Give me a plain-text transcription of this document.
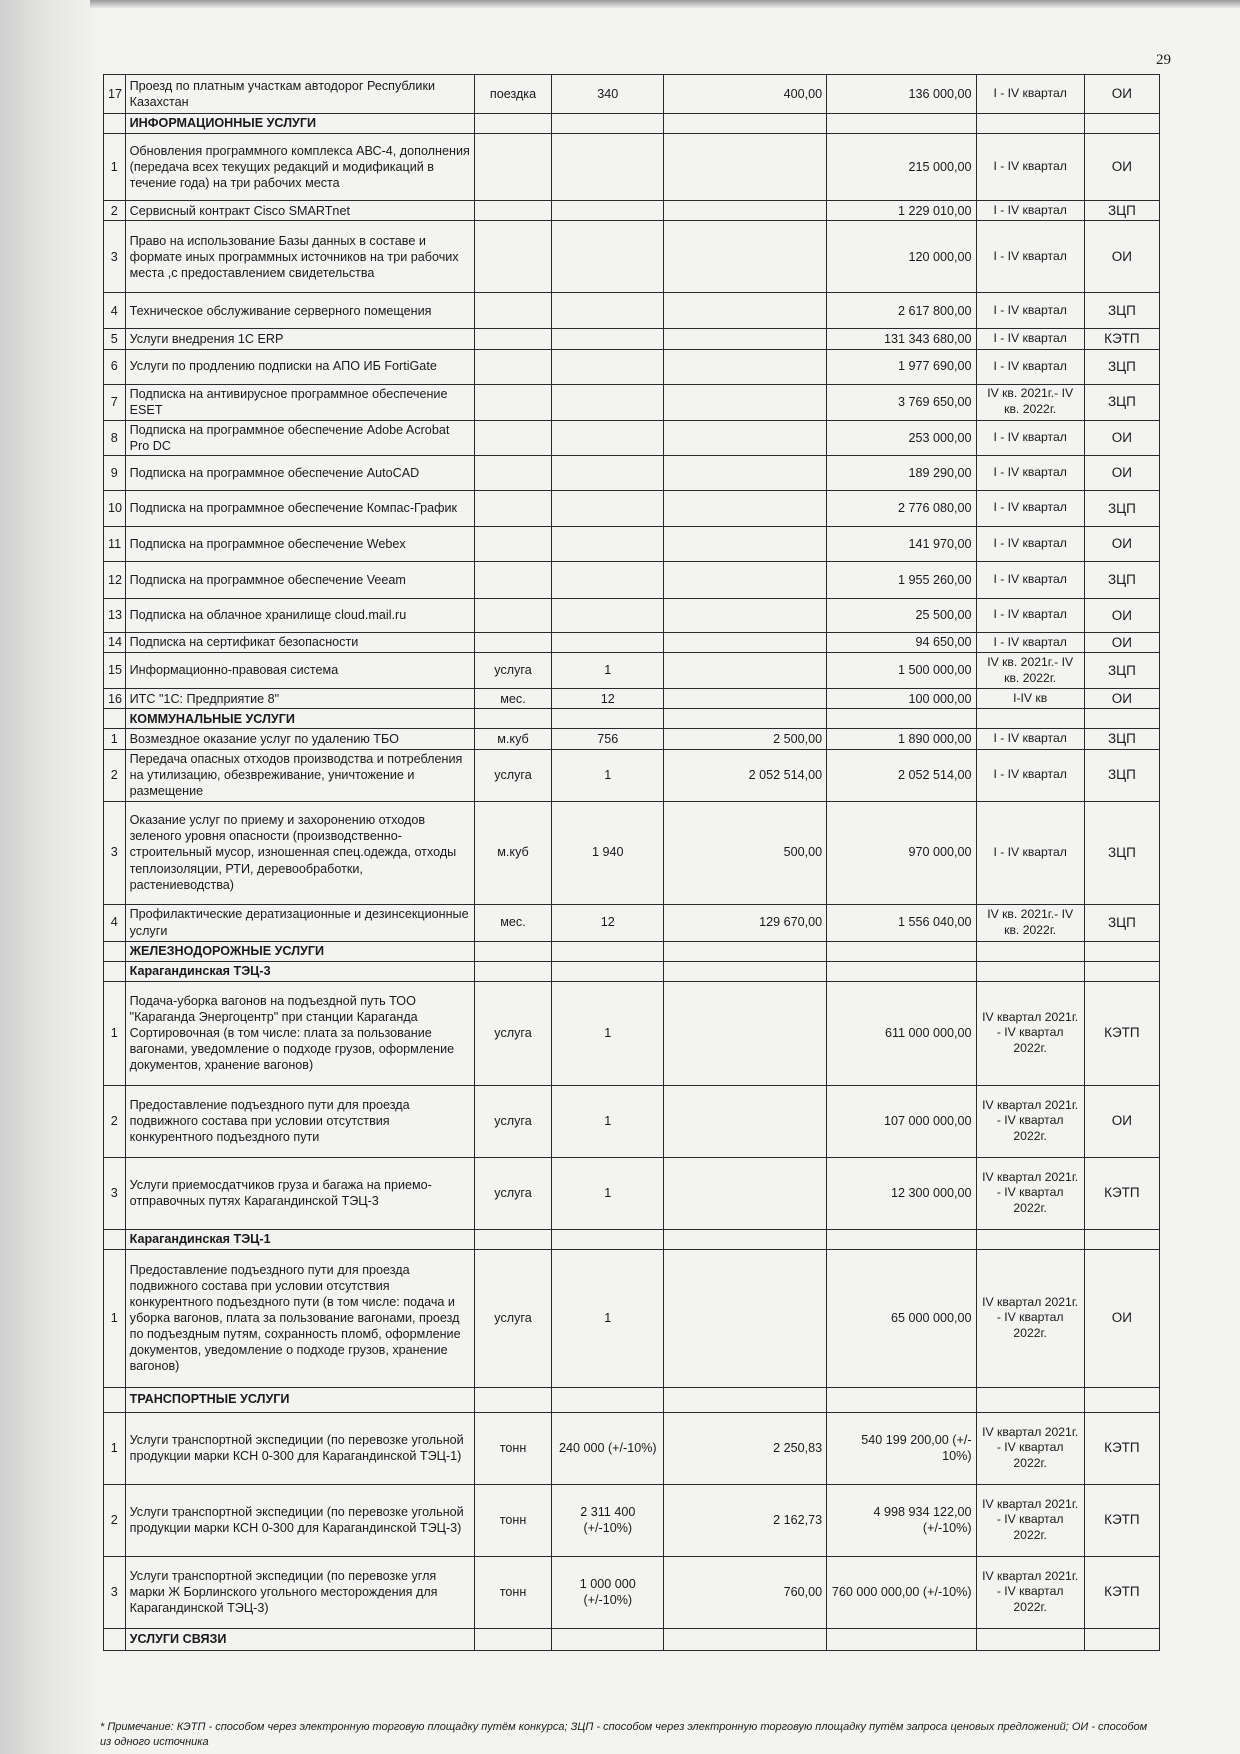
29
17	Проезд по платным участкам автодорог Республики Казахстан	поездка	340	400,00	136 000,00	I - IV квартал	ОИ
	ИНФОРМАЦИОННЫЕ УСЛУГИ						
1	Обновления программного комплекса АВС-4, дополнения (передача всех текущих редакций и модификаций в течение года) на три рабочих места				215 000,00	I - IV квартал	ОИ
2	Сервисный контракт Cisco SMARTnet				1 229 010,00	I - IV квартал	ЗЦП
3	Право на использование Базы данных в составе и формате иных программных источников на три рабочих места ,с предоставлением свидетельства				120 000,00	I - IV квартал	ОИ
4	Техническое обслуживание серверного помещения				2 617 800,00	I - IV квартал	ЗЦП
5	Услуги внедрения 1С ERP				131 343 680,00	I - IV квартал	КЭТП
6	Услуги по продлению подписки на АПО ИБ FortiGate				1 977 690,00	I - IV квартал	ЗЦП
7	Подписка на антивирусное программное обеспечение ESET				3 769 650,00	IV кв. 2021г.- IV кв. 2022г.	ЗЦП
8	Подписка на программное обеспечение Adobe Acrobat Pro DC				253 000,00	I - IV квартал	ОИ
9	Подписка на программное обеспечение AutoCAD				189 290,00	I - IV квартал	ОИ
10	Подписка на программное обеспечение Компас-График				2 776 080,00	I - IV квартал	ЗЦП
11	Подписка на программное обеспечение Webex				141 970,00	I - IV квартал	ОИ
12	Подписка на программное обеспечение Veeam				1 955 260,00	I - IV квартал	ЗЦП
13	Подписка на облачное хранилище cloud.mail.ru				25 500,00	I - IV квартал	ОИ
14	Подписка на сертификат безопасности				94 650,00	I - IV квартал	ОИ
15	Информационно-правовая система	услуга	1		1 500 000,00	IV кв. 2021г.- IV кв. 2022г.	ЗЦП
16	ИТС "1С: Предприятие 8"	мес.	12		100 000,00	I-IV кв	ОИ
	КОММУНАЛЬНЫЕ УСЛУГИ						
1	Возмездное оказание услуг по удалению ТБО	м.куб	756	2 500,00	1 890 000,00	I - IV квартал	ЗЦП
2	Передача опасных отходов производства и потребления на утилизацию, обезвреживание, уничтожение и размещение	услуга	1	2 052 514,00	2 052 514,00	I - IV квартал	ЗЦП
3	Оказание услуг по приему и захоронению отходов зеленого уровня опасности (производственно-строительный мусор, изношенная спец.одежда, отходы теплоизоляции, РТИ, деревообработки, растениеводства)	м.куб	1 940	500,00	970 000,00	I - IV квартал	ЗЦП
4	Профилактические дератизационные и дезинсекционные услуги	мес.	12	129 670,00	1 556 040,00	IV кв. 2021г.- IV кв. 2022г.	ЗЦП
	ЖЕЛЕЗНОДОРОЖНЫЕ УСЛУГИ						
	Карагандинская ТЭЦ-3						
1	Подача-уборка вагонов на подъездной путь ТОО "Караганда Энергоцентр" при станции Караганда Сортировочная (в том числе: плата за пользование вагонами, уведомление о подходе грузов, оформление документов, хранение вагонов)	услуга	1		611 000 000,00	IV квартал 2021г. - IV квартал 2022г.	КЭТП
2	Предоставление подъездного пути для проезда подвижного состава при условии отсутствия конкурентного подъездного пути	услуга	1		107 000 000,00	IV квартал 2021г. - IV квартал 2022г.	ОИ
3	Услуги приемосдатчиков груза и багажа на приемо-отправочных путях Карагандинской ТЭЦ-3	услуга	1		12 300 000,00	IV квартал 2021г. - IV квартал 2022г.	КЭТП
	Карагандинская ТЭЦ-1						
1	Предоставление подъездного пути для проезда подвижного состава при условии отсутствия конкурентного подъездного пути (в том числе: подача и уборка вагонов, плата за пользование вагонами, проезд по подъездным путям, сохранность пломб, оформление документов, уведомление о подходе грузов, хранение вагонов)	услуга	1		65 000 000,00	IV квартал 2021г. - IV квартал 2022г.	ОИ
	ТРАНСПОРТНЫЕ УСЛУГИ						
1	Услуги транспортной экспедиции (по перевозке угольной продукции марки КСН 0-300 для Карагандинской ТЭЦ-1)	тонн	240 000 (+/-10%)	2 250,83	540 199 200,00 (+/- 10%)	IV квартал 2021г. - IV квартал 2022г.	КЭТП
2	Услуги транспортной экспедиции (по перевозке угольной продукции марки КСН 0-300 для Карагандинской ТЭЦ-3)	тонн	2 311 400 (+/-10%)	2 162,73	4 998 934 122,00 (+/-10%)	IV квартал 2021г. - IV квартал 2022г.	КЭТП
3	Услуги транспортной экспедиции (по перевозке угля марки Ж Борлинского угольного месторождения для Карагандинской ТЭЦ-3)	тонн	1 000 000 (+/-10%)	760,00	760 000 000,00 (+/-10%)	IV квартал 2021г. - IV квартал 2022г.	КЭТП
	УСЛУГИ СВЯЗИ						
* Примечание: КЭТП - способом через электронную торговую площадку путём конкурса; ЗЦП - способом через электронную торговую площадку путём запроса ценовых предложений; ОИ - способом из одного источника
